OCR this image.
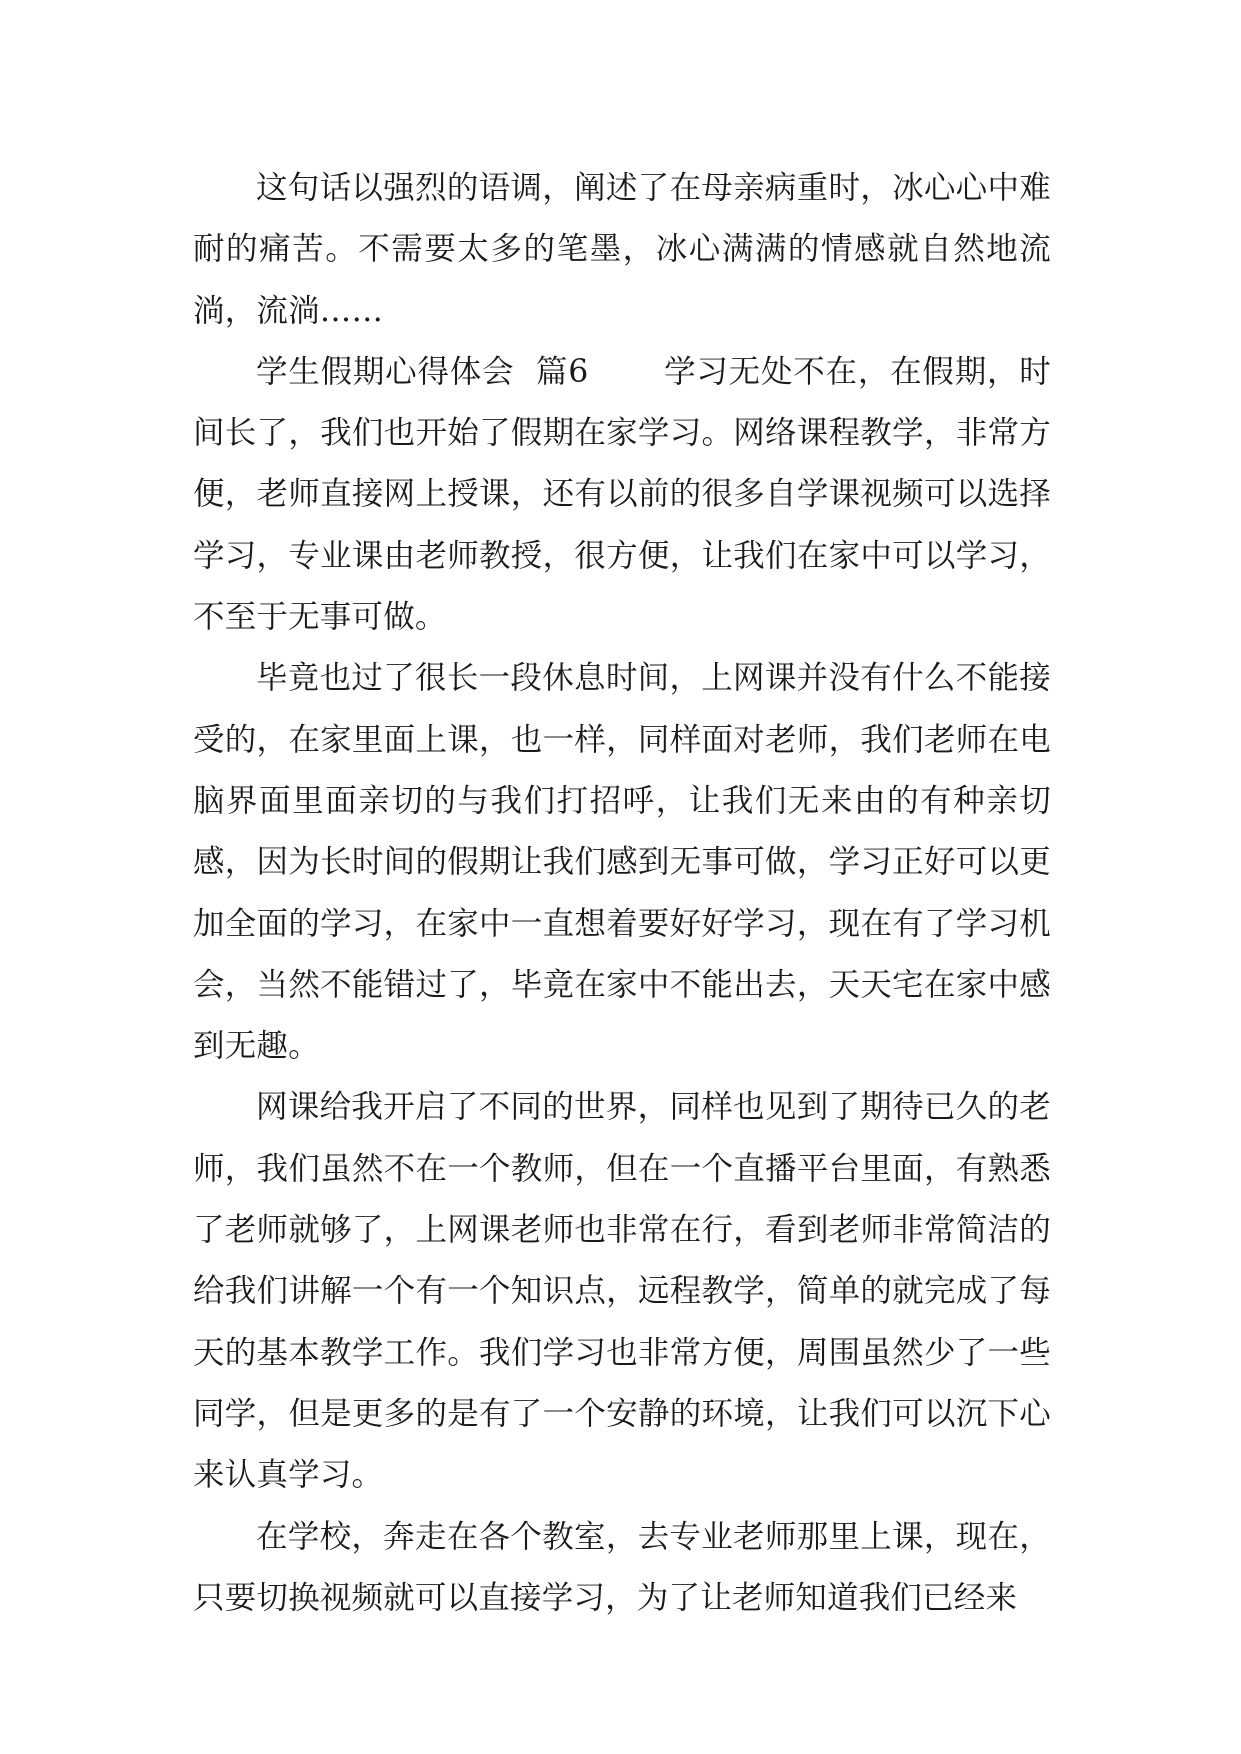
这句话以强烈的语调，阐述了在母亲病重时，冰心心中难耐的痛苦。不需要太多的笔墨，冰心满满的情感就自然地流淌，流淌……

学生假期心得体会  篇6       学习无处不在，在假期，时间长了，我们也开始了假期在家学习。网络课程教学，非常方便，老师直接网上授课，还有以前的很多自学课视频可以选择学习，专业课由老师教授，很方便，让我们在家中可以学习，不至于无事可做。

毕竟也过了很长一段休息时间，上网课并没有什么不能接受的，在家里面上课，也一样，同样面对老师，我们老师在电脑界面里面亲切的与我们打招呼，让我们无来由的有种亲切感，因为长时间的假期让我们感到无事可做，学习正好可以更加全面的学习，在家中一直想着要好好学习，现在有了学习机会，当然不能错过了，毕竟在家中不能出去，天天宅在家中感到无趣。

网课给我开启了不同的世界，同样也见到了期待已久的老师，我们虽然不在一个教师，但在一个直播平台里面，有熟悉了老师就够了，上网课老师也非常在行，看到老师非常简洁的给我们讲解一个有一个知识点，远程教学，简单的就完成了每天的基本教学工作。我们学习也非常方便，周围虽然少了一些同学，但是更多的是有了一个安静的环境，让我们可以沉下心来认真学习。

在学校，奔走在各个教室，去专业老师那里上课，现在，只要切换视频就可以直接学习，为了让老师知道我们已经来
